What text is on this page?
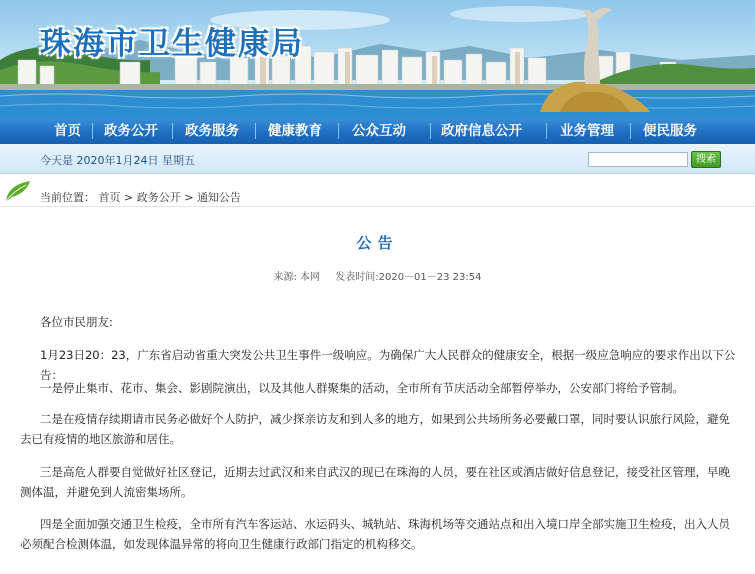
珠海市卫生健康局
首页 政务公开 政务服务 健康教育 公众互动	政府信息公开	业务管理 便民服务
今天是 2020年1月24日 星期五	搜索
当前位置： 首页 > 政务公开 > 通知公告
公告
来源: 本网 发表时间:2020－01－23 23:54
各位市民朋友:
1月23日20：23，广东省启动省重大突发公共卫生事件一级响应。为确保广大人民群众的健康安全，根据一级应急响应的要求作出以下公告：
一是停止集市、花市、集会、影剧院演出，以及其他人群聚集的活动，全市所有节庆活动全部暂停举办，公安部门将给予管制。
二是在疫情存续期请市民务必做好个人防护，减少探亲访友和到人多的地方，如果到公共场所务必要戴口罩，同时要认识旅行风险，避免去已有疫情的地区旅游和居住。
三是高危人群要自觉做好社区登记，近期去过武汉和来自武汉的现已在珠海的人员，要在社区或酒店做好信息登记，接受社区管理，早晚测体温，并避免到人流密集场所。
四是全面加强交通卫生检疫，全市所有汽车客运站、水运码头、城轨站、珠海机场等交通站点和出入境口岸全部实施卫生检疫，出入人员必须配合检测体温，如发现体温异常的将向卫生健康行政部门指定的机构移交。
